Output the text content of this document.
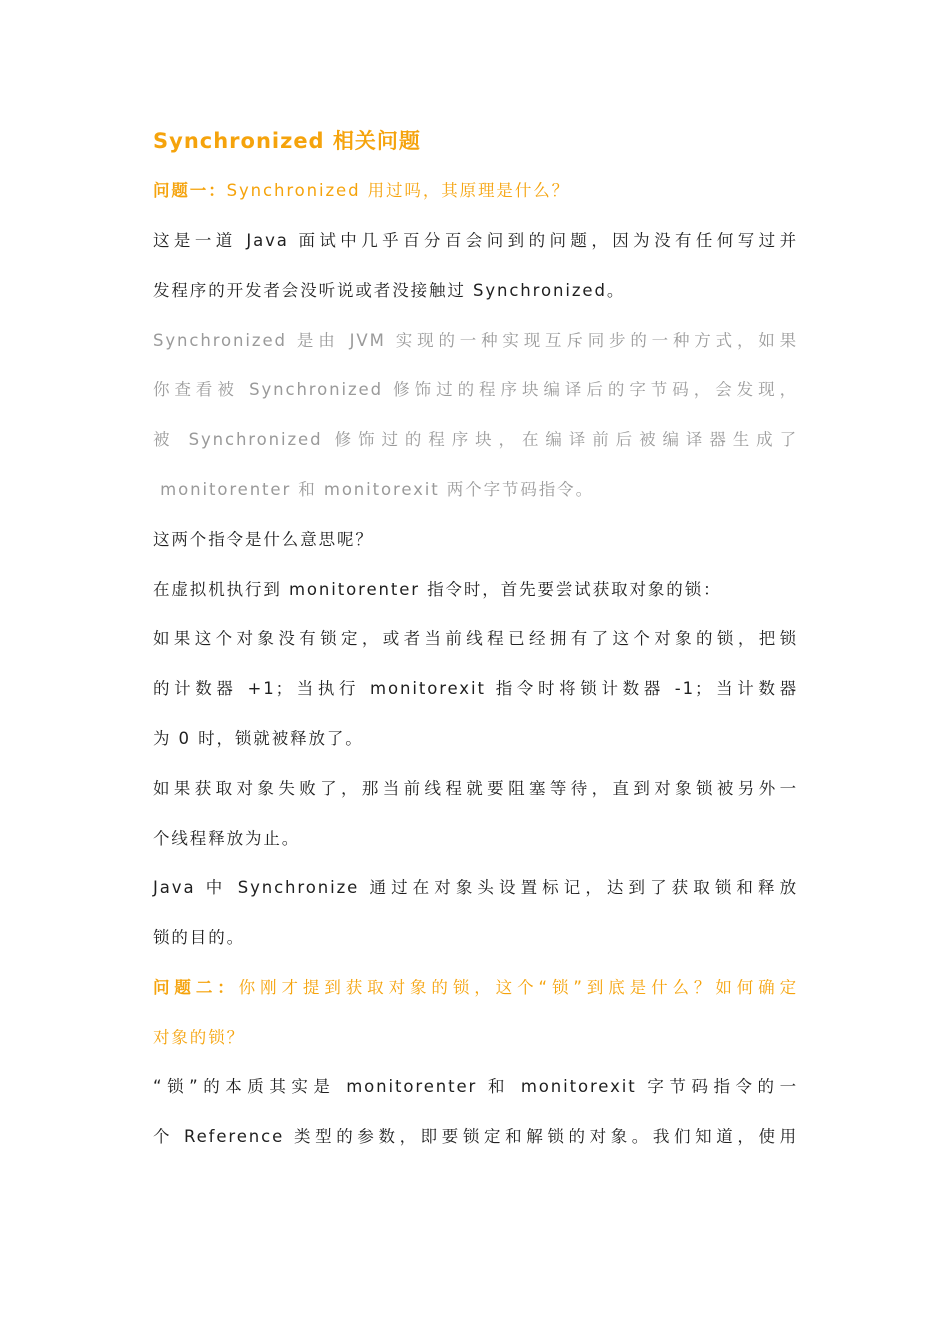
Synchronized 相关问题
问题一：Synchronized 用过吗，其原理是什么？
这是一道 Java 面试中几乎百分百会问到的问题，因为没有任何写过并
发程序的开发者会没听说或者没接触过 Synchronized。
Synchronized 是由 JVM 实现的一种实现互斥同步的一种方式，如果
你查看被 Synchronized 修饰过的程序块编译后的字节码，会发现，
被 Synchronized 修饰过的程序块，在编译前后被编译器生成了
monitorenter 和 monitorexit 两个字节码指令。
这两个指令是什么意思呢？
在虚拟机执行到 monitorenter 指令时，首先要尝试获取对象的锁：
如果这个对象没有锁定，或者当前线程已经拥有了这个对象的锁，把锁
的计数器 +1；当执行 monitorexit 指令时将锁计数器 -1；当计数器
为 0 时，锁就被释放了。
如果获取对象失败了，那当前线程就要阻塞等待，直到对象锁被另外一
个线程释放为止。
Java 中 Synchronize 通过在对象头设置标记，达到了获取锁和释放
锁的目的。
问题二：你刚才提到获取对象的锁，这个“锁”到底是什么？如何确定
对象的锁？
“锁”的本质其实是 monitorenter 和 monitorexit 字节码指令的一
个 Reference 类型的参数，即要锁定和解锁的对象。我们知道，使用
